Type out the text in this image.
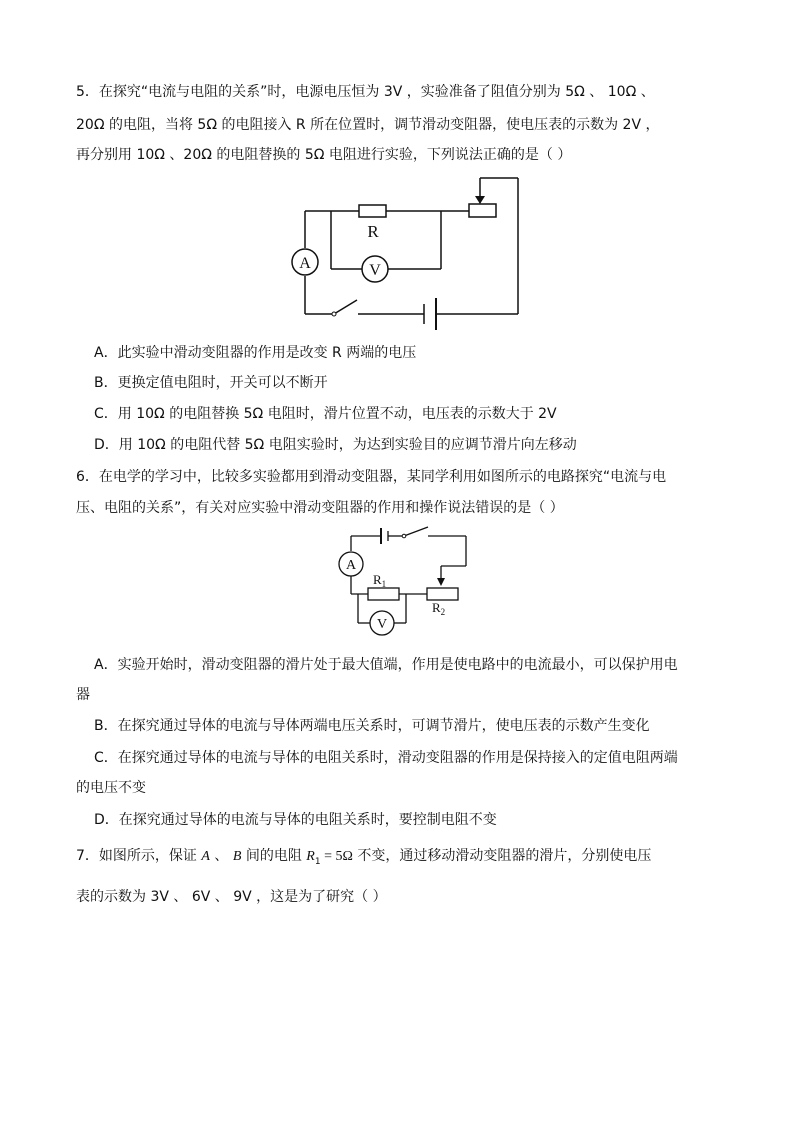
5．在探究“电流与电阻的关系”时，电源电压恒为 3V ，实验准备了阻值分别为 5Ω 、 10Ω 、
20Ω 的电阻，当将 5Ω 的电阻接入 R 所在位置时，调节滑动变阻器，使电压表的示数为 2V ，
再分别用 10Ω 、20Ω 的电阻替换的 5Ω 电阻进行实验，下列说法正确的是（ ）
A	V
R
A．此实验中滑动变阻器的作用是改变 R 两端的电压
B．更换定值电阻时，开关可以不断开
C．用 10Ω 的电阻替换 5Ω 电阻时，滑片位置不动，电压表的示数大于 2V
D．用 10Ω 的电阻代替 5Ω 电阻实验时，为达到实验目的应调节滑片向左移动
6．在电学的学习中，比较多实验都用到滑动变阻器，某同学利用如图所示的电路探究“电流与电
压、电阻的关系”，有关对应实验中滑动变阻器的作用和操作说法错误的是（ ）
A
V
$R_1$
$R_2$
A．实验开始时，滑动变阻器的滑片处于最大值端，作用是使电路中的电流最小，可以保护用电
器
B．在探究通过导体的电流与导体两端电压关系时，可调节滑片，使电压表的示数产生变化
C．在探究通过导体的电流与导体的电阻关系时，滑动变阻器的作用是保持接入的定值电阻两端
的电压不变
D．在探究通过导体的电流与导体的电阻关系时，要控制电阻不变
7．如图所示，保证 A 、 B 间的电阻 $R_1 = 5\Omega$ 不变，通过移动滑动变阻器的滑片，分别使电压
表的示数为 3V 、 6V 、 9V ，这是为了研究（ ）
